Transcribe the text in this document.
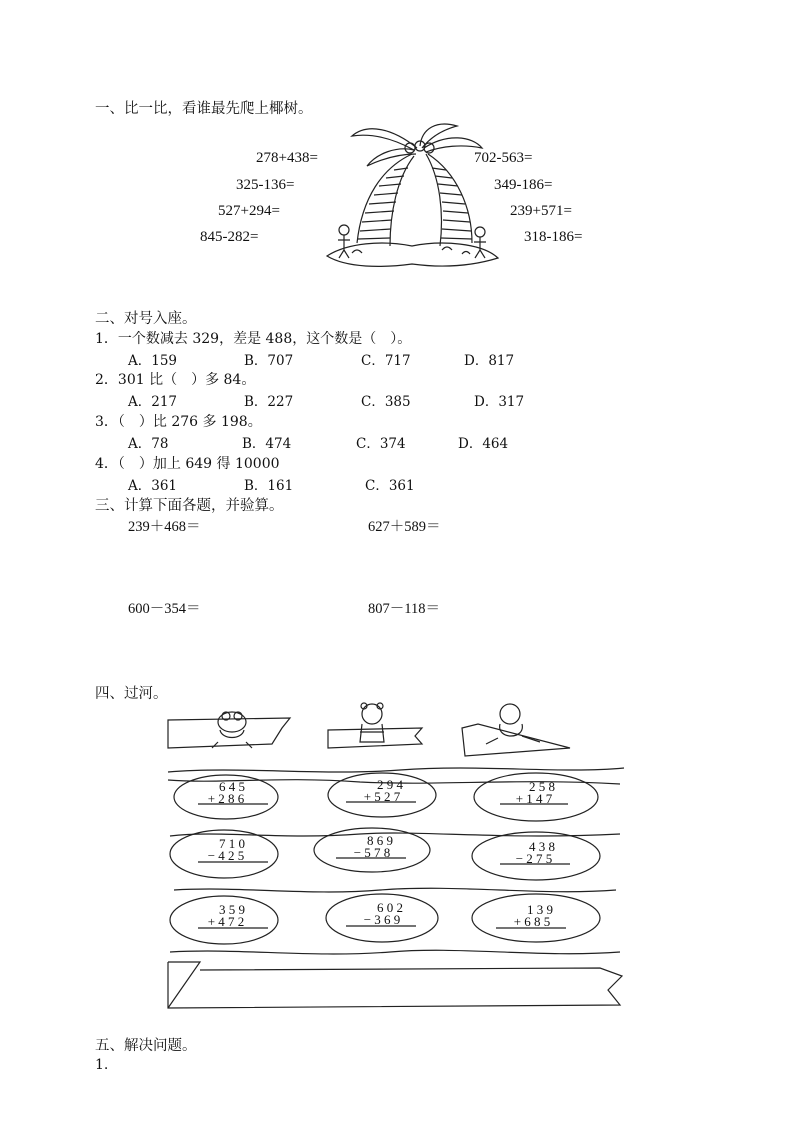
一、比一比，看谁最先爬上椰树。
278+438=
325-136=
527+294=
845-282=
702-563=
349-186=
239+571=
318-186=
二、对号入座。
1．一个数减去 329，差是 488，这个数是（　）。
A．159	B．707	C．717	D．817
2．301 比（　）多 84。
A．217	B．227	C．385	D．317
3．（　）比 276 多 198。
A．78	B．474	C．374	D．464
4．（　）加上 649 得 10000
A．361	B．161	C．361
三、计算下面各题，并验算。
239＋468＝	627＋589＝
600－354＝	807－118＝
四、过河。
6 4 5
+ 2 8 6
2 9 4
+ 5 2 7
2 5 8
+ 1 4 7
7 1 0
− 4 2 5
8 6 9
− 5 7 8	4 3 8
− 2 7 5
3 5 9
+ 4 7 2
6 0 2
− 3 6 9
1 3 9
+ 6 8 5
五、解决问题。
1.
